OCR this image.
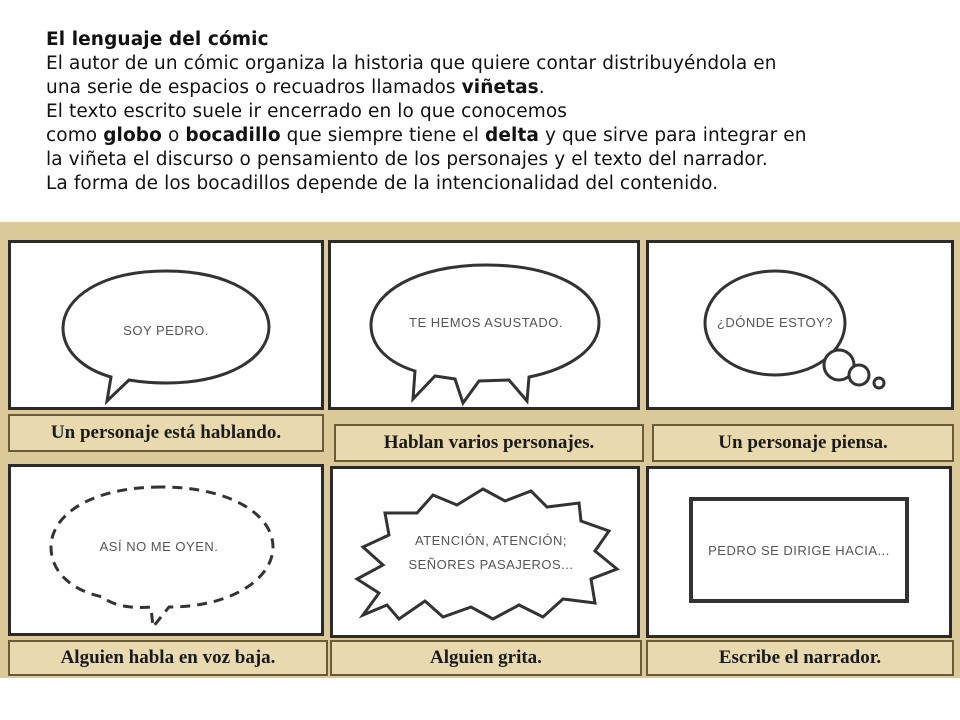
El lenguaje del cómic

El autor de un cómic organiza la historia que quiere contar distribuyéndola en

una serie de espacios o recuadros llamados viñetas.

El texto escrito suele ir encerrado en lo que conocemos

como globo o bocadillo que siempre tiene el delta y que sirve para integrar en

la viñeta el discurso o pensamiento de los personajes y el texto del narrador.

La forma de los bocadillos depende de la intencionalidad del contenido.

SOY PEDRO.
TE HEMOS ASUSTADO.	¿DÓNDE ESTOY?
Un personaje está hablando.	Hablan varios personajes.	Un personaje piensa.
ASÍ NO ME OYEN.	ATENCIÓN, ATENCIÓN;
SEÑORES PASAJEROS...
PEDRO SE DIRIGE HACIA...
Alguien habla en voz baja.	Alguien grita.	Escribe el narrador.
